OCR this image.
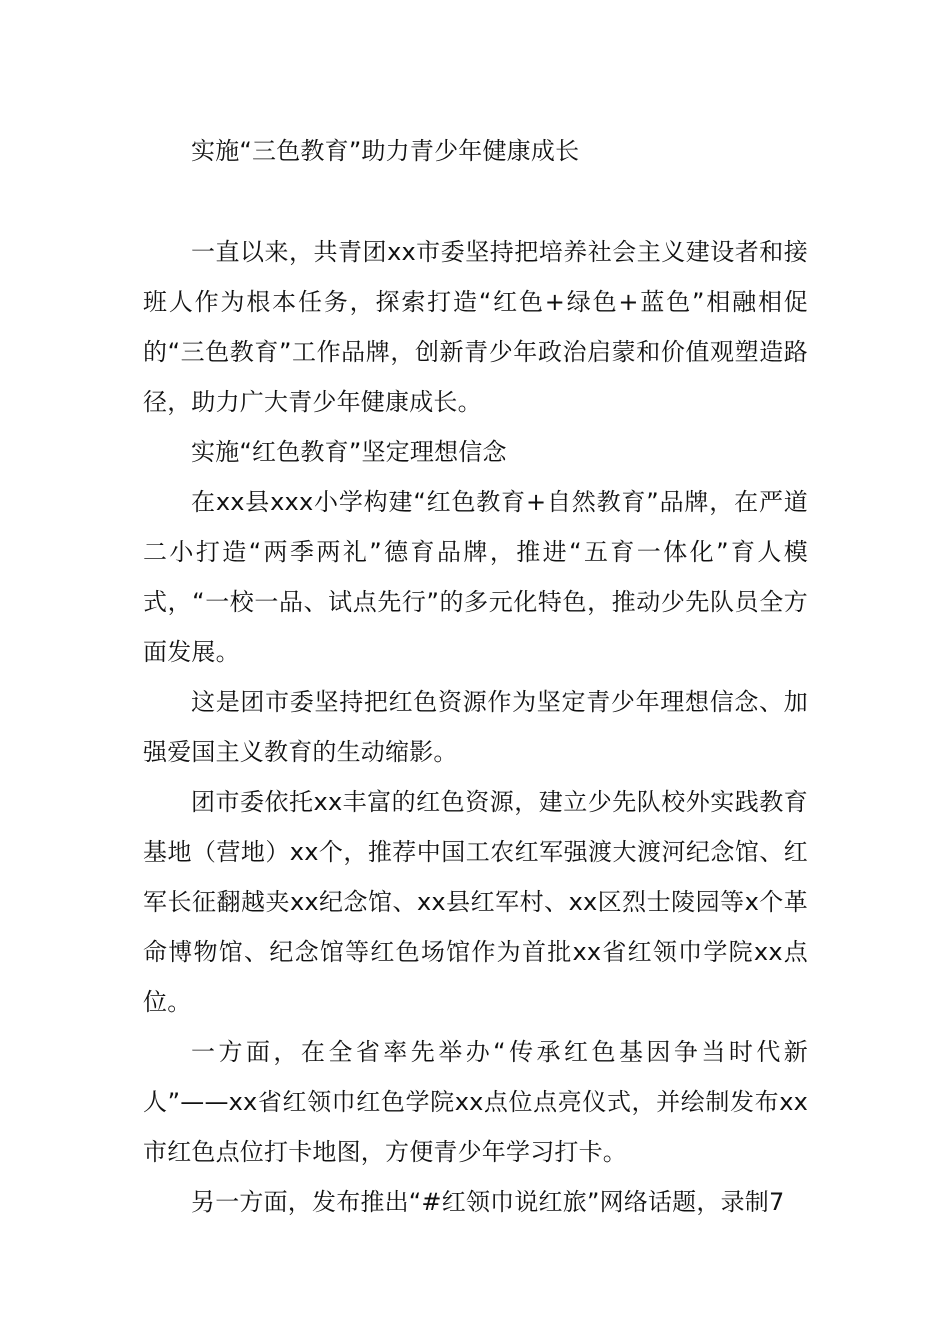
实施“三色教育”助力青少年健康成长

一直以来，共青团xx市委坚持把培养社会主义建设者和接班人作为根本任务，探索打造“红色+绿色+蓝色”相融相促的“三色教育”工作品牌，创新青少年政治启蒙和价值观塑造路径，助力广大青少年健康成长。

实施“红色教育”坚定理想信念

在xx县xxx小学构建“红色教育+自然教育”品牌，在严道二小打造“两季两礼”德育品牌，推进“五育一体化”育人模式，“一校一品、试点先行”的多元化特色，推动少先队员全方面发展。

这是团市委坚持把红色资源作为坚定青少年理想信念、加强爱国主义教育的生动缩影。

团市委依托xx丰富的红色资源，建立少先队校外实践教育基地（营地）xx个，推荐中国工农红军强渡大渡河纪念馆、红军长征翻越夹xx纪念馆、xx县红军村、xx区烈士陵园等x个革命博物馆、纪念馆等红色场馆作为首批xx省红领巾学院xx点位。

一方面，在全省率先举办“传承红色基因争当时代新人”——xx省红领巾红色学院xx点位点亮仪式，并绘制发布xx市红色点位打卡地图，方便青少年学习打卡。

另一方面，发布推出“#红领巾说红旅”网络话题，录制7
